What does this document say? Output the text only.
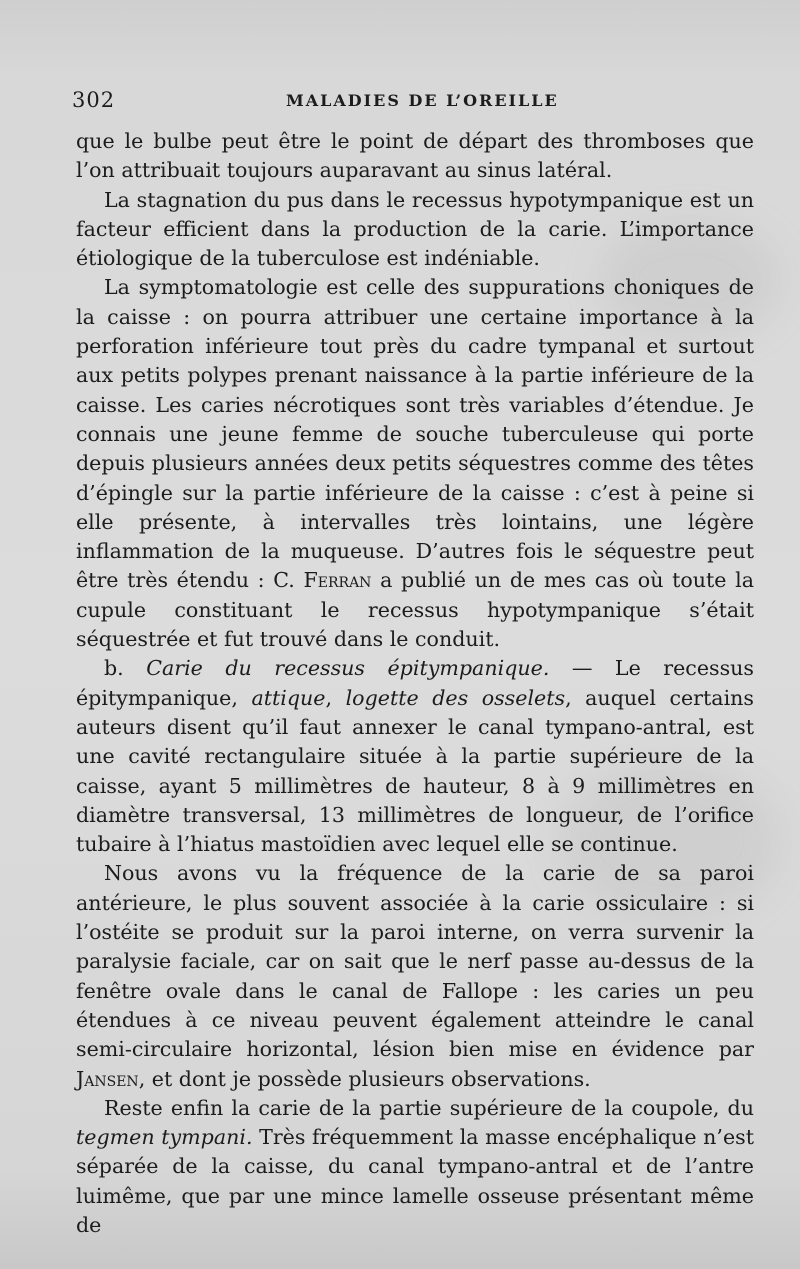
302	MALADIES DE L’OREILLE

que le bulbe peut être le point de départ des thromboses que l’on attribuait toujours auparavant au sinus latéral.

La stagnation du pus dans le recessus hypotympanique est un facteur efficient dans la production de la carie. L’importance étiologique de la tuberculose est indéniable.

La symptomatologie est celle des suppurations choniques de la caisse : on pourra attribuer une certaine importance à la perforation inférieure tout près du cadre tympanal et surtout aux petits polypes prenant naissance à la partie inférieure de la caisse. Les caries nécrotiques sont très variables d’étendue. Je connais une jeune femme de souche tuberculeuse qui porte depuis plusieurs années deux petits séquestres comme des têtes d’épingle sur la partie inférieure de la caisse : c’est à peine si elle présente, à intervalles très lointains, une légère inflammation de la muqueuse. D’autres fois le séquestre peut être très étendu : C. Ferran a publié un de mes cas où toute la cupule constituant le recessus hypotympanique s’était séquestrée et fut trouvé dans le conduit.

b. Carie du recessus épitympanique. — Le recessus épitympanique, attique, logette des osselets, auquel certains auteurs disent qu’il faut annexer le canal tympano-antral, est une cavité rectangulaire située à la partie supérieure de la caisse, ayant 5 millimètres de hauteur, 8 à 9 millimètres en diamètre transversal, 13 millimètres de longueur, de l’orifice tubaire à l’hiatus mastoïdien avec lequel elle se continue.

Nous avons vu la fréquence de la carie de sa paroi antérieure, le plus souvent associée à la carie ossiculaire : si l’ostéite se produit sur la paroi interne, on verra survenir la paralysie faciale, car on sait que le nerf passe au-dessus de la fenêtre ovale dans le canal de Fallope : les caries un peu étendues à ce niveau peuvent également atteindre le canal semi-circulaire horizontal, lésion bien mise en évidence par Jansen, et dont je possède plusieurs observations.

Reste enfin la carie de la partie supérieure de la coupole, du tegmen tympani. Très fréquemment la masse encéphalique n’est séparée de la caisse, du canal tympano-antral et de l’antre luimême, que par une mince lamelle osseuse présentant même de
